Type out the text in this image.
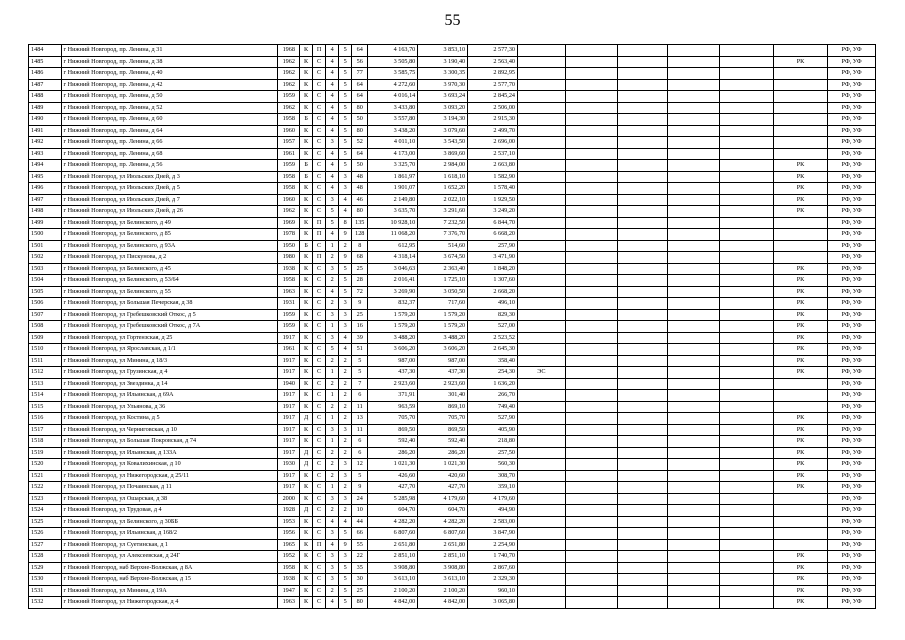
55
1484	г Нижний Новгород, пр. Ленина, д 31	1968	К	П	4	5	64	4 163,70	3 853,10	2 577,30							РФ, УФ
1485	г Нижний Новгород, пр. Ленина, д 38	1962	К	С	4	5	56	3 505,80	3 190,40	2 563,40						РК	РФ, УФ
1486	г Нижний Новгород, пр. Ленина, д 40	1962	К	С	4	5	77	3 585,75	3 300,35	2 892,95							РФ, УФ
1487	г Нижний Новгород, пр. Ленина, д 42	1962	К	С	4	5	64	4 272,60	3 970,30	2 577,70							РФ, УФ
1488	г Нижний Новгород, пр. Ленина, д 50	1959	К	С	4	5	64	4 016,14	3 693,24	2 845,24							РФ, УФ
1489	г Нижний Новгород, пр. Ленина, д 52	1962	К	С	4	5	80	3 433,80	3 093,20	2 506,00							РФ, УФ
1490	г Нижний Новгород, пр. Ленина, д 60	1958	Б	С	4	5	50	3 557,80	3 194,30	2 915,30							РФ, УФ
1491	г Нижний Новгород, пр. Ленина, д 64	1960	К	С	4	5	80	3 438,20	3 079,60	2 499,70							РФ, УФ
1492	г Нижний Новгород, пр. Ленина, д 66	1957	К	С	3	5	52	4 011,10	3 543,50	2 696,00							РФ, УФ
1493	г Нижний Новгород, пр. Ленина, д 68	1961	К	С	4	5	64	4 173,00	3 869,60	2 537,10							РФ, УФ
1494	г Нижний Новгород, пр. Ленина, д 56	1959	Б	С	4	5	50	3 325,70	2 984,00	2 663,80						РК	РФ, УФ
1495	г Нижний Новгород, ул Июльских Дней, д 3	1958	Б	С	4	3	48	1 861,97	1 618,10	1 582,90						РК	РФ, УФ
1496	г Нижний Новгород, ул Июльских Дней, д 5	1958	К	С	4	3	48	1 901,07	1 652,20	1 578,40						РК	РФ, УФ
1497	г Нижний Новгород, ул Июльских Дней, д 7	1960	К	С	3	4	46	2 149,80	2 022,10	1 929,50						РК	РФ, УФ
1498	г Нижний Новгород, ул Июльских Дней, д 26	1962	К	С	5	4	80	3 635,70	3 291,60	3 249,20						РК	РФ, УФ
1499	г Нижний Новгород, ул Белинского, д 49	1969	К	П	5	8	135	10 928,10	7 232,50	6 844,70							РФ, УФ
1500	г Нижний Новгород, ул Белинского, д 85	1978	К	П	4	9	128	11 068,20	7 376,70	6 668,20							РФ, УФ
1501	г Нижний Новгород, ул Белинского, д 93А	1950	Б	С	1	2	8	612,95	514,60	257,90							РФ, УФ
1502	г Нижний Новгород, ул Пискунова, д 2	1980	К	П	2	9	68	4 318,14	3 674,50	3 471,90							РФ, УФ
1503	г Нижний Новгород, ул Белинского, д 45	1938	К	С	3	5	25	3 046,63	2 363,40	1 848,20						РК	РФ, УФ
1504	г Нижний Новгород, ул Белинского, д 53/64	1958	К	С	2	5	28	2 016,41	1 725,10	1 307,60						РК	РФ, УФ
1505	г Нижний Новгород, ул Белинского, д 55	1963	К	С	4	5	72	3 269,90	3 050,50	2 668,20						РК	РФ, УФ
1506	г Нижний Новгород, ул Большая Печерская, д 38	1931	К	С	2	3	9	832,37	717,60	496,10						РК	РФ, УФ
1507	г Нижний Новгород, ул Гребешковский Откос, д 5	1959	К	С	3	3	25	1 579,20	1 579,20	829,30						РК	РФ, УФ
1508	г Нижний Новгород, ул Гребешковский Откос, д 7А	1959	К	С	1	3	16	1 579,20	1 579,20	527,00						РК	РФ, УФ
1509	г Нижний Новгород, ул Гортензская, д 25	1917	К	С	3	4	39	3 488,20	3 488,20	2 523,52						РК	РФ, УФ
1510	г Нижний Новгород, ул Ярославская, д 1/1	1961	К	С	5	4	51	3 606,20	3 606,20	2 645,30						РК	РФ, УФ
1511	г Нижний Новгород, ул Минина, д 18/3	1917	К	С	2	2	5	987,00	987,00	358,40						РК	РФ, УФ
1512	г Нижний Новгород, ул Грузинская, д 4	1917	К	С	1	2	5	437,30	437,30	254,30	ЭС					РК	РФ, УФ
1513	г Нижний Новгород, ул Звездинка, д 14	1940	К	С	2	2	7	2 923,60	2 923,60	1 636,20							РФ, УФ
1514	г Нижний Новгород, ул Ильинская, д 69А	1917	К	С	1	2	6	371,91	301,40	266,70							РФ, УФ
1515	г Нижний Новгород, ул Ульянова, д 36	1917	К	С	2	2	11	963,59	869,10	749,40							РФ, УФ
1516	г Нижний Новгород, ул Костина, д 5	1917	Д	С	1	2	13	705,70	705,70	527,90						РК	РФ, УФ
1517	г Нижний Новгород, ул Черниговская, д 10	1917	К	С	3	3	11	869,50	869,50	405,90						РК	РФ, УФ
1518	г Нижний Новгород, ул Большая Покровская, д 74	1917	К	С	1	2	6	592,40	592,40	218,80						РК	РФ, УФ
1519	г Нижний Новгород, ул Ильинская, д 133А	1917	Д	С	2	2	6	286,20	286,20	257,50						РК	РФ, УФ
1520	г Нижний Новгород, ул Ковалихинская, д 10	1930	Д	С	2	3	12	1 021,30	1 021,30	560,30						РК	РФ, УФ
1521	г Нижний Новгород, ул Нижегородская, д 25/11	1917	К	С	2	3	5	426,60	420,60	308,70						РК	РФ, УФ
1522	г Нижний Новгород, ул Почаинская, д 11	1917	К	С	1	2	9	427,70	427,70	359,10						РК	РФ, УФ
1523	г Нижний Новгород, ул Ошарская, д 38	2000	К	С	3	3	24	5 285,98	4 179,60	4 179,60							РФ, УФ
1524	г Нижний Новгород, ул Трудовая, д 4	1928	Д	С	2	2	10	604,70	604,70	494,90							РФ, УФ
1525	г Нижний Новгород, ул Белинского, д 30ББ	1953	К	С	4	4	44	4 282,20	4 282,20	2 583,00							РФ, УФ
1526	г Нижний Новгород, ул Ильинская, д 168/2	1956	К	С	3	5	66	6 807,60	6 807,60	3 847,90							РФ, УФ
1527	г Нижний Новгород, ул Суетинская, д 1	1965	К	П	4	9	55	2 651,80	2 651,80	2 254,90							РФ, УФ
1528	г Нижний Новгород, ул Алексеевская, д 24Г	1952	К	С	3	3	22	2 851,10	2 851,10	1 740,70						РК	РФ, УФ
1529	г Нижний Новгород, наб Верхне-Волжская, д 8А	1958	К	С	3	5	35	3 908,80	3 908,80	2 867,60						РК	РФ, УФ
1530	г Нижний Новгород, наб Верхне-Волжская, д 15	1938	К	С	3	5	30	3 613,10	3 613,10	2 329,30						РК	РФ, УФ
1531	г Нижний Новгород, ул Минина, д 19А	1947	К	С	2	5	25	2 100,20	2 100,20	960,10						РК	РФ, УФ
1532	г Нижний Новгород, ул Нижегородская, д 4	1963	К	С	4	5	80	4 842,00	4 842,00	3 065,80						РК	РФ, УФ
